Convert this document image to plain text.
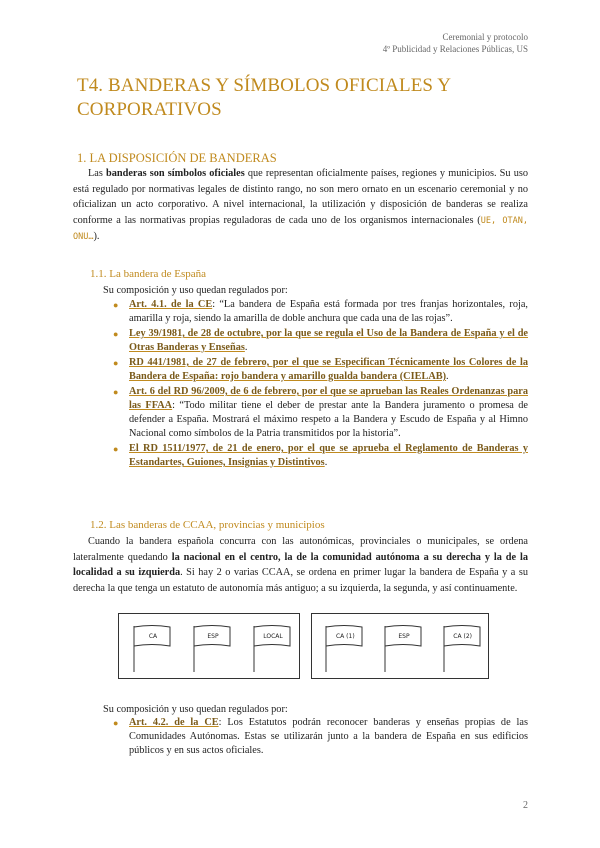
Ceremonial y protocolo
4º Publicidad y Relaciones Públicas, US
T4. BANDERAS Y SÍMBOLOS OFICIALES Y CORPORATIVOS
1. LA DISPOSICIÓN DE BANDERAS
Las banderas son símbolos oficiales que representan oficialmente países, regiones y municipios. Su uso está regulado por normativas legales de distinto rango, no son mero ornato en un escenario ceremonial y no oficializan un acto corporativo. A nivel internacional, la utilización y disposición de banderas se realiza conforme a las normativas propias reguladoras de cada uno de los organismos internacionales (UE, OTAN, ONU…).
1.1. La bandera de España
Su composición y uso quedan regulados por:
● Art. 4.1. de la CE: “La bandera de España está formada por tres franjas horizontales, roja, amarilla y roja, siendo la amarilla de doble anchura que cada una de las rojas”.
● Ley 39/1981, de 28 de octubre, por la que se regula el Uso de la Bandera de España y el de Otras Banderas y Enseñas.
● RD 441/1981, de 27 de febrero, por el que se Especifican Técnicamente los Colores de la Bandera de España: rojo bandera y amarillo gualda bandera (CIELAB).
● Art. 6 del RD 96/2009, de 6 de febrero, por el que se aprueban las Reales Ordenanzas para las FFAA: “Todo militar tiene el deber de prestar ante la Bandera juramento o promesa de defender a España. Mostrará el máximo respeto a la Bandera y Escudo de España y al Himno Nacional como símbolos de la Patria transmitidos por la historia”.
● El RD 1511/1977, de 21 de enero, por el que se aprueba el Reglamento de Banderas y Estandartes, Guiones, Insignias y Distintivos.
1.2. Las banderas de CCAA, provincias y municipios
Cuando la bandera española concurra con las autonómicas, provinciales o municipales, se ordena lateralmente quedando la nacional en el centro, la de la comunidad autónoma a su derecha y la de la localidad a su izquierda. Si hay 2 o varias CCAA, se ordena en primer lugar la bandera de España y a su derecha la que tenga un estatuto de autonomía más antiguo; a su izquierda, la segunda, y así continuamente.
CA	ESP	LOCAL	CA (1)	ESP	CA (2)
Su composición y uso quedan regulados por:
● Art. 4.2. de la CE: Los Estatutos podrán reconocer banderas y enseñas propias de las Comunidades Autónomas. Estas se utilizarán junto a la bandera de España en sus edificios públicos y en sus actos oficiales.
2
